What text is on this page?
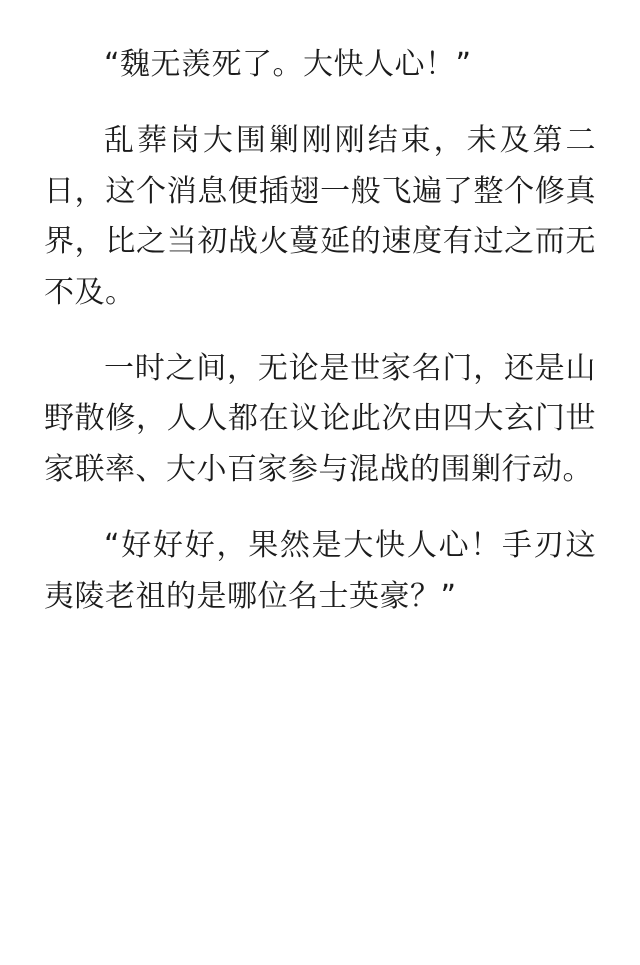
“魏无羡死了。大快人心！”

乱葬岗大围剿刚刚结束，未及第二日，这个消息便插翅一般飞遍了整个修真界，比之当初战火蔓延的速度有过之而无不及。

一时之间，无论是世家名门，还是山野散修，人人都在议论此次由四大玄门世家联率、大小百家参与混战的围剿行动。

“好好好，果然是大快人心！手刃这夷陵老祖的是哪位名士英豪？”
